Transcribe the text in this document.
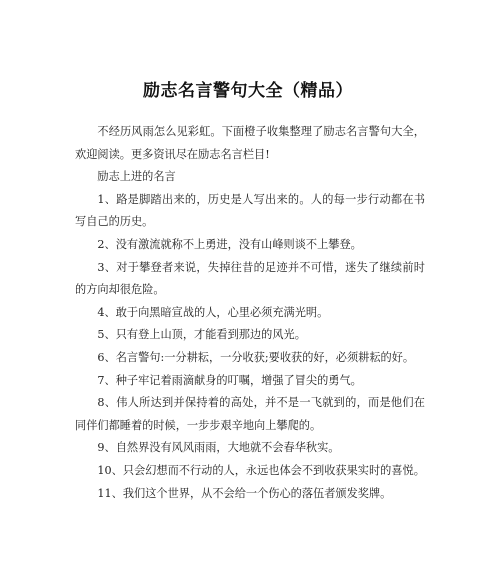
励志名言警句大全（精品）

不经历风雨怎么见彩虹。下面橙子收集整理了励志名言警句大全，欢迎阅读。更多资讯尽在励志名言栏目!

励志上进的名言

1、路是脚踏出来的，历史是人写出来的。人的每一步行动都在书写自己的历史。

2、没有激流就称不上勇进，没有山峰则谈不上攀登。

3、对于攀登者来说，失掉往昔的足迹并不可惜，迷失了继续前时的方向却很危险。

4、敢于向黑暗宣战的人，心里必须充满光明。

5、只有登上山顶，才能看到那边的风光。

6、名言警句:一分耕耘，一分收获;要收获的好，必须耕耘的好。

7、种子牢记着雨滴献身的叮嘱，增强了冒尖的勇气。

8、伟人所达到并保持着的高处，并不是一飞就到的，而是他们在同伴们都睡着的时候，一步步艰辛地向上攀爬的。

9、自然界没有风风雨雨，大地就不会春华秋实。

10、只会幻想而不行动的人，永远也体会不到收获果实时的喜悦。

11、我们这个世界，从不会给一个伤心的落伍者颁发奖牌。
